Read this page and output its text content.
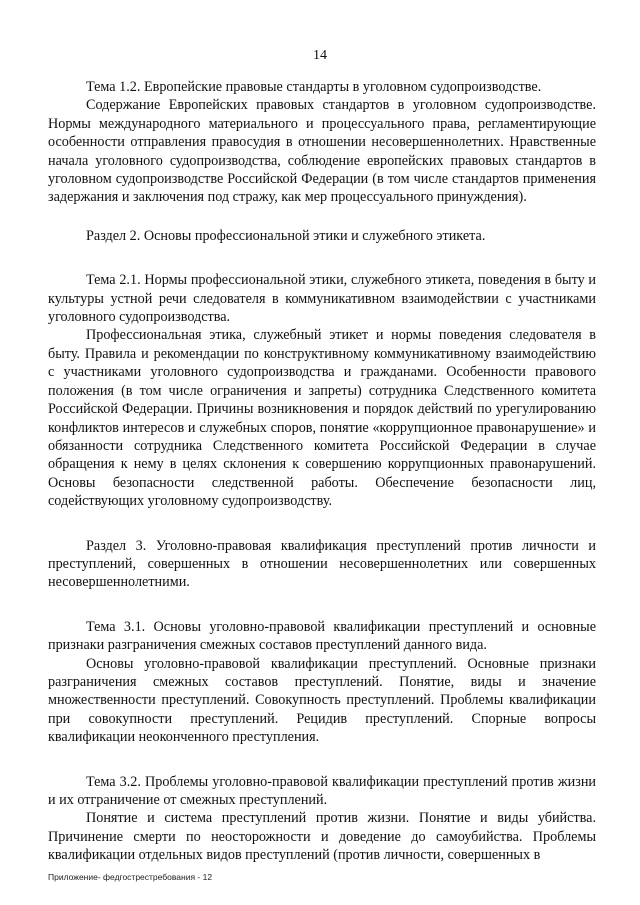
14

Тема 1.2. Европейские правовые стандарты в уголовном судопроизводстве.

Содержание Европейских правовых стандартов в уголовном судопроизводстве. Нормы международного материального и процессуального права, регламентирующие особенности отправления правосудия в отношении несовершеннолетних. Нравственные начала уголовного судопроизводства, соблюдение европейских правовых стандартов в уголовном судопроизводстве Российской Федерации (в том числе стандартов применения задержания и заключения под стражу, как мер процессуального принуждения).

Раздел 2. Основы профессиональной этики и служебного этикета.

Тема 2.1. Нормы профессиональной этики, служебного этикета, поведения в быту и культуры устной речи следователя в коммуникативном взаимодействии с участниками уголовного судопроизводства.

Профессиональная этика, служебный этикет и нормы поведения следователя в быту. Правила и рекомендации по конструктивному коммуникативному взаимодействию с участниками уголовного судопроизводства и гражданами. Особенности правового положения (в том числе ограничения и запреты) сотрудника Следственного комитета Российской Федерации. Причины возникновения и порядок действий по урегулированию конфликтов интересов и служебных споров, понятие «коррупционное правонарушение» и обязанности сотрудника Следственного комитета Российской Федерации в случае обращения к нему в целях склонения к совершению коррупционных правонарушений. Основы безопасности следственной работы. Обеспечение безопасности лиц, содействующих уголовному судопроизводству.

Раздел 3. Уголовно-правовая квалификация преступлений против личности и преступлений, совершенных в отношении несовершеннолетних или совершенных несовершеннолетними.

Тема 3.1. Основы уголовно-правовой квалификации преступлений и основные признаки разграничения смежных составов преступлений данного вида.

Основы уголовно-правовой квалификации преступлений. Основные признаки разграничения смежных составов преступлений. Понятие, виды и значение множественности преступлений. Совокупность преступлений. Проблемы квалификации при совокупности преступлений. Рецидив преступлений. Спорные вопросы квалификации неоконченного преступления.

Тема 3.2. Проблемы уголовно-правовой квалификации преступлений против жизни и их отграничение от смежных преступлений.

Понятие и система преступлений против жизни. Понятие и виды убийства. Причинение смерти по неосторожности и доведение до самоубийства. Проблемы квалификации отдельных видов преступлений (против личности, совершенных в

Приложение- федгострестребования - 12
